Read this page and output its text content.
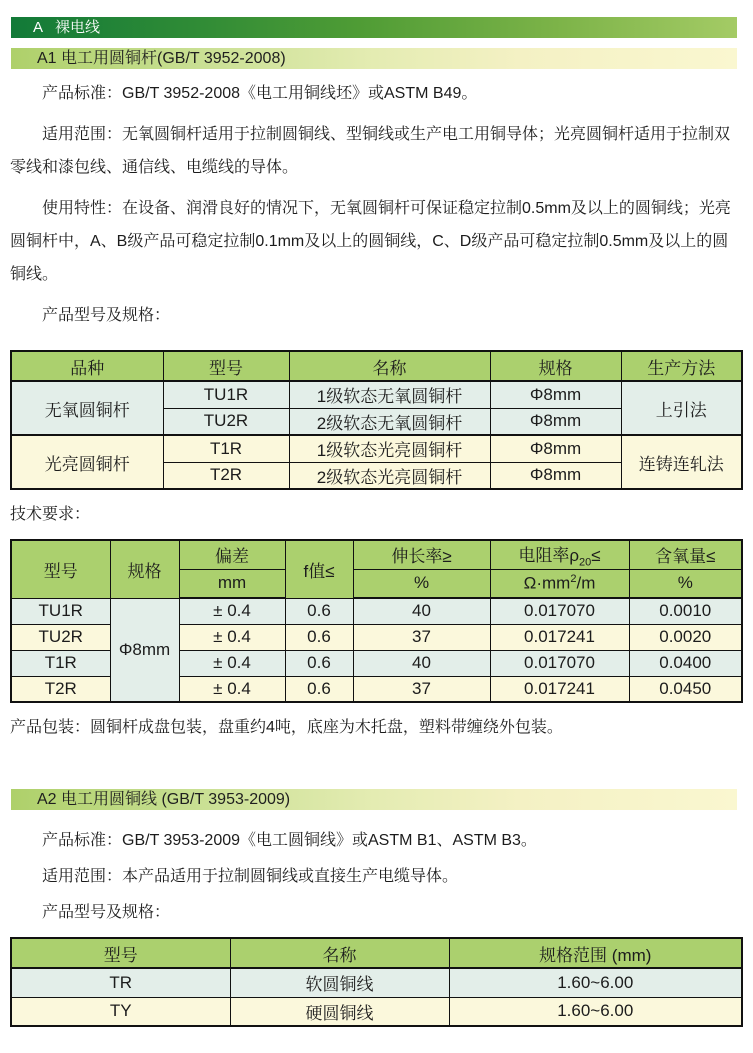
A 裸电线
A1 电工用圆铜杆(GB/T 3952-2008)

产品标准：GB/T 3952-2008《电工用铜线坯》或ASTM B49。

适用范围：无氧圆铜杆适用于拉制圆铜线、型铜线或生产电工用铜导体；光亮圆铜杆适用于拉制双零线和漆包线、通信线、电缆线的导体。

使用特性：在设备、润滑良好的情况下，无氧圆铜杆可保证稳定拉制0.5mm及以上的圆铜线；光亮圆铜杆中，A、B级产品可稳定拉制0.1mm及以上的圆铜线，C、D级产品可稳定拉制0.5mm及以上的圆铜线。

产品型号及规格：

品种	型号	名称	规格	生产方法
无氧圆铜杆	TU1R	1级软态无氧圆铜杆	Φ8mm	上引法
	TU2R	2级软态无氧圆铜杆	Φ8mm	
光亮圆铜杆	T1R	1级软态光亮圆铜杆	Φ8mm	连铸连轧法
	T2R	2级软态光亮圆铜杆	Φ8mm	

技术要求：

型号	规格	偏差	f值≤	伸长率≥	电阻率$\rho_{20}\le$	含氧量≤
		mm		%	$\Omega\cdot mm^2/m$	%
TU1R	Φ8mm	± 0.4	0.6	40	0.017070	0.0010
TU2R		± 0.4	0.6	37	0.017241	0.0020
T1R		± 0.4	0.6	40	0.017070	0.0400
T2R		± 0.4	0.6	37	0.017241	0.0450

产品包装：圆铜杆成盘包装，盘重约4吨，底座为木托盘，塑料带缠绕外包装。

A2 电工用圆铜线 (GB/T 3953-2009)

产品标准：GB/T 3953-2009《电工圆铜线》或ASTM B1、ASTM B3。

适用范围：本产品适用于拉制圆铜线或直接生产电缆导体。

产品型号及规格：

型号	名称	规格范围 (mm)
TR	软圆铜线	1.60~6.00
TY	硬圆铜线	1.60~6.00
